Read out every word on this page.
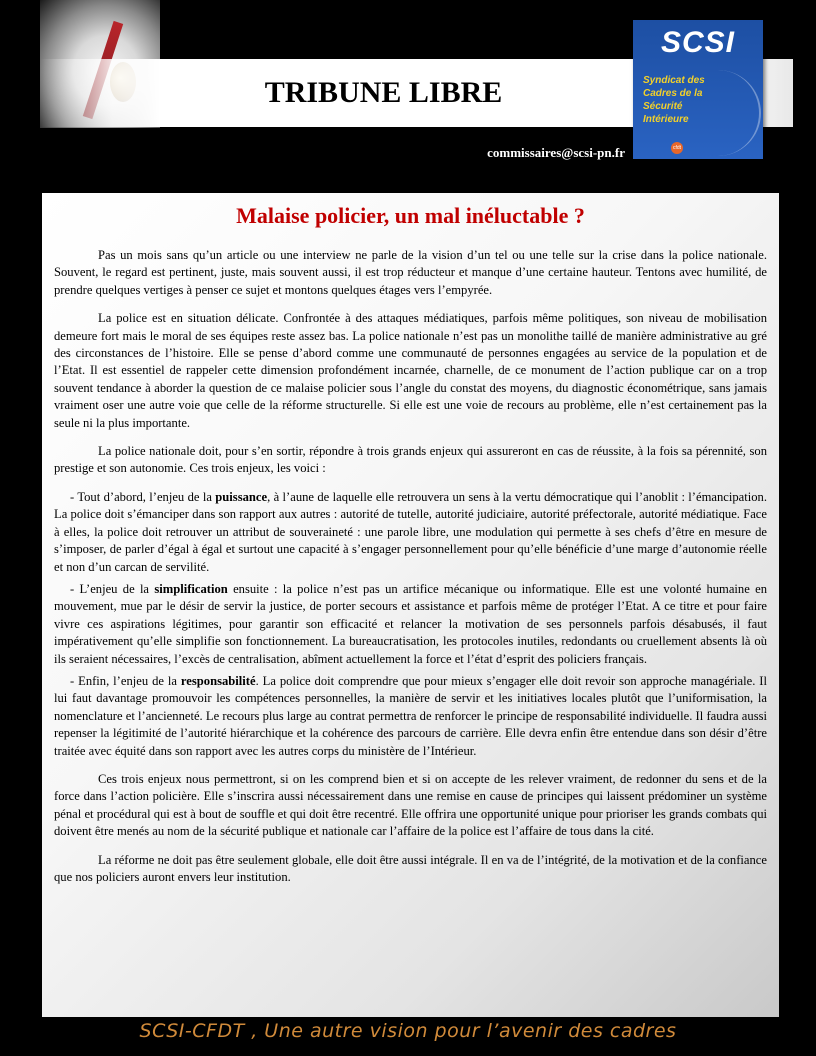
TRIBUNE LIBRE
SCSI
Syndicat des Cadres de la Sécurité Intérieure
cfdt
commissaires@scsi-pn.fr
Malaise policier, un mal inéluctable ?

Pas un mois sans qu’un article ou une interview ne parle de la vision d’un tel ou une telle sur la crise dans la police nationale. Souvent, le regard est pertinent, juste, mais souvent aussi, il est trop réducteur et manque d’une certaine hauteur. Tentons avec humilité, de prendre quelques vertiges à penser ce sujet et montons quelques étages vers l’empyrée.

La police est en situation délicate. Confrontée à des attaques médiatiques, parfois même politiques, son niveau de mobilisation demeure fort mais le moral de ses équipes reste assez bas. La police nationale n’est pas un monolithe taillé de manière administrative au gré des circonstances de l’histoire. Elle se pense d’abord comme une communauté de personnes engagées au service de la population et de l’Etat. Il est essentiel de rappeler cette dimension profondément incarnée, charnelle, de ce monument de l’action publique car on a trop souvent tendance à aborder la question de ce malaise policier sous l’angle du constat des moyens, du diagnostic économétrique, sans jamais vraiment oser une autre voie que celle de la réforme structurelle. Si elle est une voie de recours au problème, elle n’est certainement pas la seule ni la plus importante.

La police nationale doit, pour s’en sortir, répondre à trois grands enjeux qui assureront en cas de réussite, à la fois sa pérennité, son prestige et son autonomie. Ces trois enjeux, les voici :

- Tout d’abord, l’enjeu de la puissance, à l’aune de laquelle elle retrouvera un sens à la vertu démocratique qui l’anoblit : l’émancipation. La police doit s’émanciper dans son rapport aux autres : autorité de tutelle, autorité judiciaire, autorité préfectorale, autorité médiatique. Face à elles, la police doit retrouver un attribut de souveraineté : une parole libre, une modulation qui permette à ses chefs d’être en mesure de s’imposer, de parler d’égal à égal et surtout une capacité à s’engager personnellement pour qu’elle bénéficie d’une marge d’autonomie réelle et non d’un carcan de servilité.

- L’enjeu de la simplification ensuite : la police n’est pas un artifice mécanique ou informatique. Elle est une volonté humaine en mouvement, mue par le désir de servir la justice, de porter secours et assistance et parfois même de protéger l’Etat. A ce titre et pour faire vivre ces aspirations légitimes, pour garantir son efficacité et relancer la motivation de ses personnels parfois désabusés, il faut impérativement qu’elle simplifie son fonctionnement. La bureaucratisation, les protocoles inutiles, redondants ou cruellement absents là où ils seraient nécessaires, l’excès de centralisation, abîment actuellement la force et l’état d’esprit des policiers français.

- Enfin, l’enjeu de la responsabilité. La police doit comprendre que pour mieux s’engager elle doit revoir son approche managériale. Il lui faut davantage promouvoir les compétences personnelles, la manière de servir et les initiatives locales plutôt que l’uniformisation, la nomenclature et l’ancienneté. Le recours plus large au contrat permettra de renforcer le principe de responsabilité individuelle. Il faudra aussi repenser la légitimité de l’autorité hiérarchique et la cohérence des parcours de carrière. Elle devra enfin être entendue dans son désir d’être traitée avec équité dans son rapport avec les autres corps du ministère de l’Intérieur.

Ces trois enjeux nous permettront, si on les comprend bien et si on accepte de les relever vraiment, de redonner du sens et de la force dans l’action policière. Elle s’inscrira aussi nécessairement dans une remise en cause de principes qui laissent prédominer un système pénal et procédural qui est à bout de souffle et qui doit être recentré. Elle offrira une opportunité unique pour prioriser les grands combats qui doivent être menés au nom de la sécurité publique et nationale car l’affaire de la police est l’affaire de tous dans la cité.

La réforme ne doit pas être seulement globale, elle doit être aussi intégrale. Il en va de l’intégrité, de la motivation et de la confiance que nos policiers auront envers leur institution.

SCSI-CFDT , Une autre vision pour l’avenir des cadres
